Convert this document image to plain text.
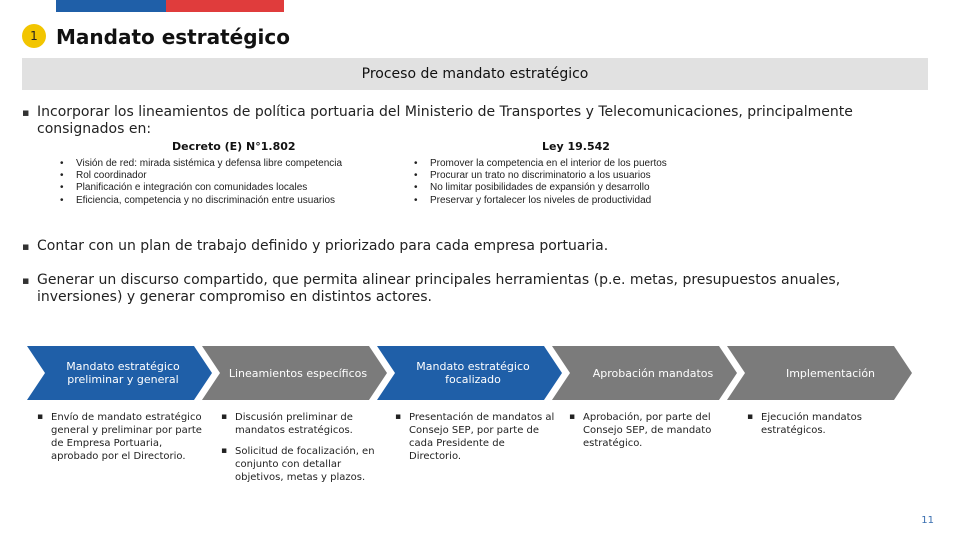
1 Mandato estratégico
Proceso de mandato estratégico
▪ Incorporar los lineamientos de política portuaria del Ministerio de Transportes y Telecomunicaciones, principalmente consignados en:
Decreto (E) N°1.802	Ley 19.542
• Visión de red: mirada sistémica y defensa libre competencia
• Rol coordinador
• Planificación e integración con comunidades locales
• Eficiencia, competencia y no discriminación entre usuarios
• Promover la competencia en el interior de los puertos
• Procurar un trato no discriminatorio a los usuarios
• No limitar posibilidades de expansión y desarrollo
• Preservar y fortalecer los niveles de productividad
▪ Contar con un plan de trabajo definido y priorizado para cada empresa portuaria.
▪ Generar un discurso compartido, que permita alinear principales herramientas (p.e. metas, presupuestos anuales, inversiones) y generar compromiso en distintos actores.
Mandato estratégico preliminar y general	Lineamientos específicos	Mandato estratégico focalizado	Aprobación mandatos	Implementación
▪ Envío de mandato estratégico general y preliminar por parte de Empresa Portuaria, aprobado por el Directorio.
▪ Discusión preliminar de mandatos estratégicos.
▪ Solicitud de focalización, en conjunto con detallar objetivos, metas y plazos.
▪ Presentación de mandatos al Consejo SEP, por parte de cada Presidente de Directorio.
▪ Aprobación, por parte del Consejo SEP, de mandato estratégico.
▪ Ejecución mandatos estratégicos.
11
